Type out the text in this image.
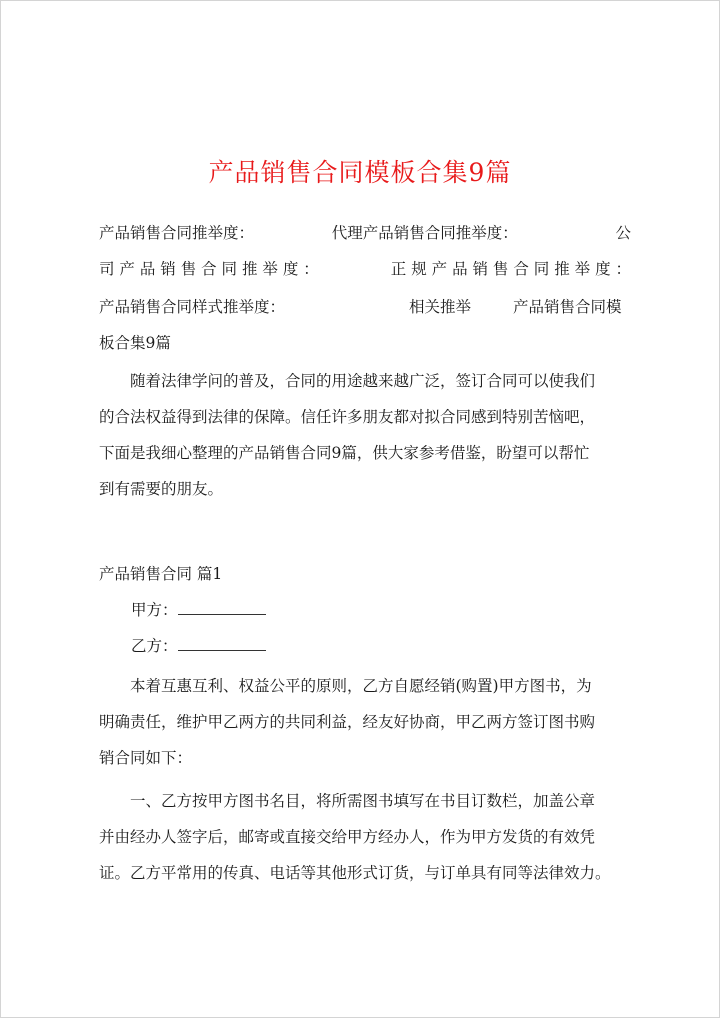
产品销售合同模板合集9篇
产品销售合同推举度：	代理产品销售合同推举度：	公
司 产 品 销 售 合 同 推 举 度 ：	正 规 产 品 销 售 合 同 推 举 度 ：
产品销售合同样式推举度：	相关推举	产品销售合同模
板合集9篇
随着法律学问的普及，合同的用途越来越广泛，签订合同可以使我们
的合法权益得到法律的保障。信任许多朋友都对拟合同感到特别苦恼吧，
下面是我细心整理的产品销售合同9篇，供大家参考借鉴，盼望可以帮忙
到有需要的朋友。
产品销售合同 篇1
甲方：
乙方：
本着互惠互利、权益公平的原则，乙方自愿经销(购置)甲方图书，为
明确责任，维护甲乙两方的共同利益，经友好协商，甲乙两方签订图书购
销合同如下：
一、乙方按甲方图书名目，将所需图书填写在书目订数栏，加盖公章
并由经办人签字后，邮寄或直接交给甲方经办人，作为甲方发货的有效凭
证。乙方平常用的传真、电话等其他形式订货，与订单具有同等法律效力。
